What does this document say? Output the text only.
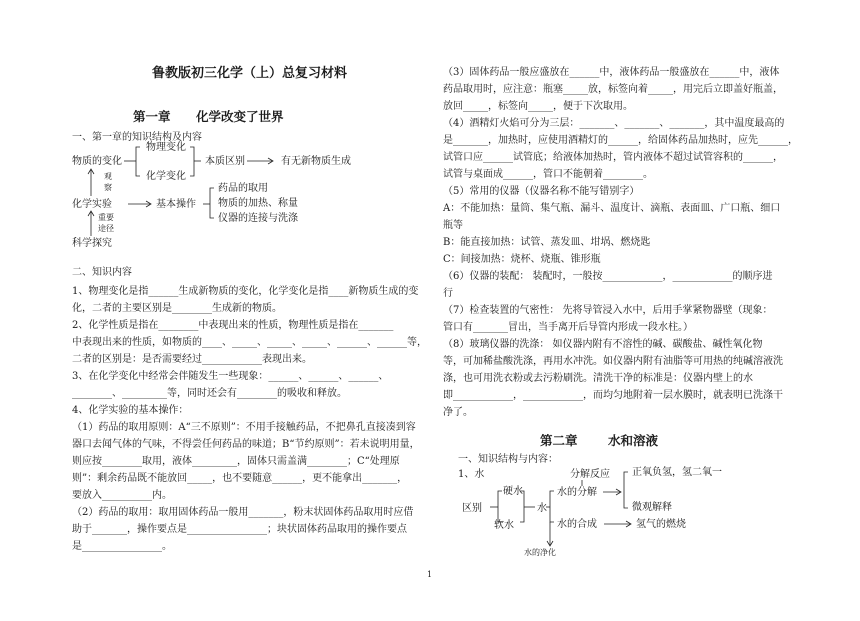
鲁教版初三化学（上）总复习材料
第一章 化学改变了世界
一、第一章的知识结构及内容
物质的变化
物理变化
化学变化
本质区别	有无新物质生成
观
察
化学实验	基本操作
药品的取用
物质的加热、称量
仪器的连接与洗涤
重要
途径
科学探究
二、知识内容
1、物理变化是指______生成新物质的变化，化学变化是指____新物质生成的变
化，二者的主要区别是________生成新的物质。
2、化学性质是指在________中表现出来的性质，物理性质是指在_______
中表现出来的性质，如物质的____、_____、_____、_____、______、______等，
二者的区别是：是否需要经过____________表现出来。
3、在化学变化中经常会伴随发生一些现象：______、______、______、
________、_________等，同时还会有________的吸收和释放。
4、化学实验的基本操作：
（1）药品的取用原则：A“三不原则”：不用手接触药品，不把鼻孔直接凑到容
器口去闻气体的气味，不得尝任何药品的味道；B“节约原则”：若未说明用量，
则应按________取用，液体_________，固体只需盖满________；C“处理原
则”：剩余药品既不能放回_____，也不要随意______，更不能拿出_______，
要放入__________内。
（2）药品的取用：取用固体药品一般用_______，粉末状固体药品取用时应借
助于_______，操作要点是________________；块状固体药品取用的操作要点
是________________。
（3）固体药品一般应盛放在______中，液体药品一般盛放在______中，液体
药品取用时，应注意：瓶塞_____放，标签向着_____，用完后立即盖好瓶盖，
放回_____，标签向_____，便于下次取用。
（4）酒精灯火焰可分为三层：_______、_______、_______，其中温度最高的
是_______，加热时，应使用酒精灯的______，给固体药品加热时，应先______，
试管口应______试管底；给液体加热时，管内液体不超过试管容积的______，
试管与桌面成______，管口不能朝着________。
（5）常用的仪器（仪器名称不能写错别字）
A：不能加热：量筒、集气瓶、漏斗、温度计、滴瓶、表面皿、广口瓶、细口
瓶等
B：能直接加热：试管、蒸发皿、坩埚、燃烧匙
C：间接加热：烧杯、烧瓶、锥形瓶
（6）仪器的装配： 装配时，一般按____________，____________的顺序进
行
（7）检查装置的气密性： 先将导管浸入水中，后用手掌紧物器壁（现象：
管口有_______冒出，当手离开后导管内形成一段水柱。）
（8）玻璃仪器的洗涤： 如仪器内附有不溶性的碱、碳酸盐、碱性氧化物
等，可加稀盐酸洗涤，再用水冲洗。如仪器内附有油脂等可用热的纯碱溶液洗
涤，也可用洗衣粉或去污粉刷洗。清洗干净的标准是：仪器内壁上的水
即____________，____________，而均匀地附着一层水膜时，就表明已洗涤干
净了。
第二章 水和溶液
一、知识结构与内容：
1、水
硬水
区别
软水
水
分解反应
水的分解
正氧负氢，氢二氧一
微观解释
水的合成	氢气的燃烧
水的净化
1
